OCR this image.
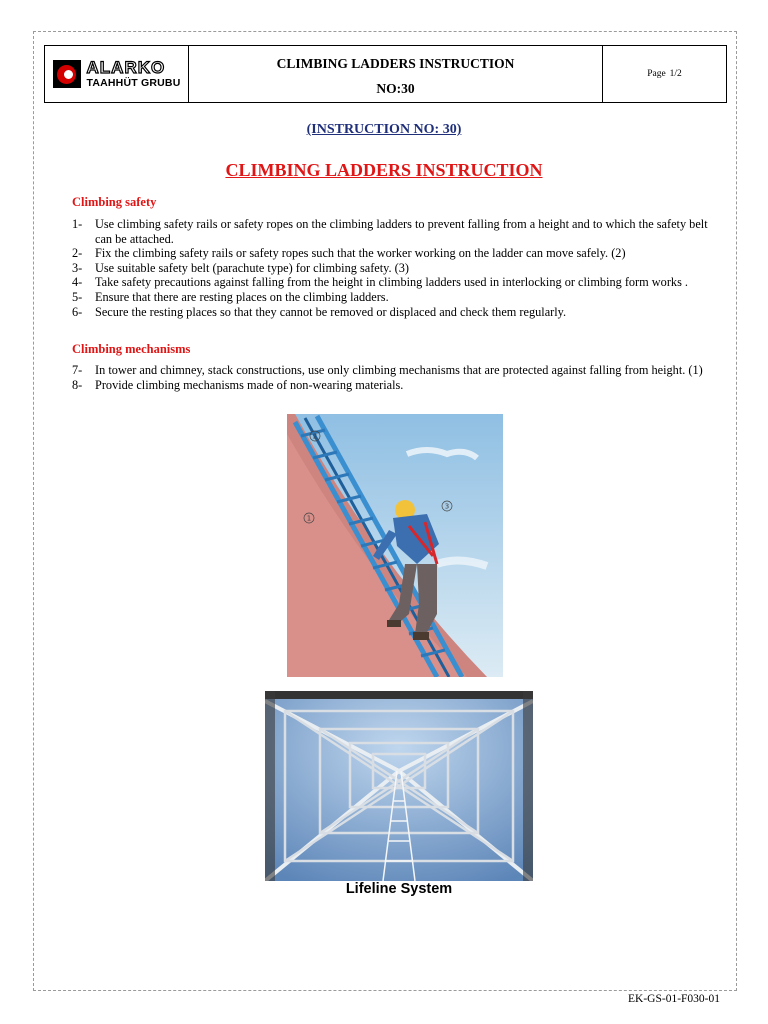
ALARKO
TAAHHÜT GRUBU
CLIMBING LADDERS INSTRUCTION
NO:30
Page 1/2
(INSTRUCTION NO: 30)
CLIMBING LADDERS INSTRUCTION
Climbing safety
1-	Use climbing safety rails or safety ropes on the climbing ladders to prevent falling from a height and to which the safety belt can be attached.
2-	Fix the climbing safety rails or safety ropes such that the worker working on the ladder can move safely. (2)
3-	Use suitable safety belt (parachute type) for climbing safety. (3)
4-	Take safety precautions against falling from the height in climbing ladders used in interlocking or climbing form works .
5-	Ensure that there are resting places on the climbing ladders.
6-	Secure the resting places so that they cannot be removed or displaced and check them regularly.
Climbing mechanisms
7-	In tower and chimney, stack constructions, use only climbing mechanisms that are protected against falling from height. (1)
8-	Provide climbing mechanisms made of non-wearing materials.
2
3
1
Lifeline System
EK-GS-01-F030-01
